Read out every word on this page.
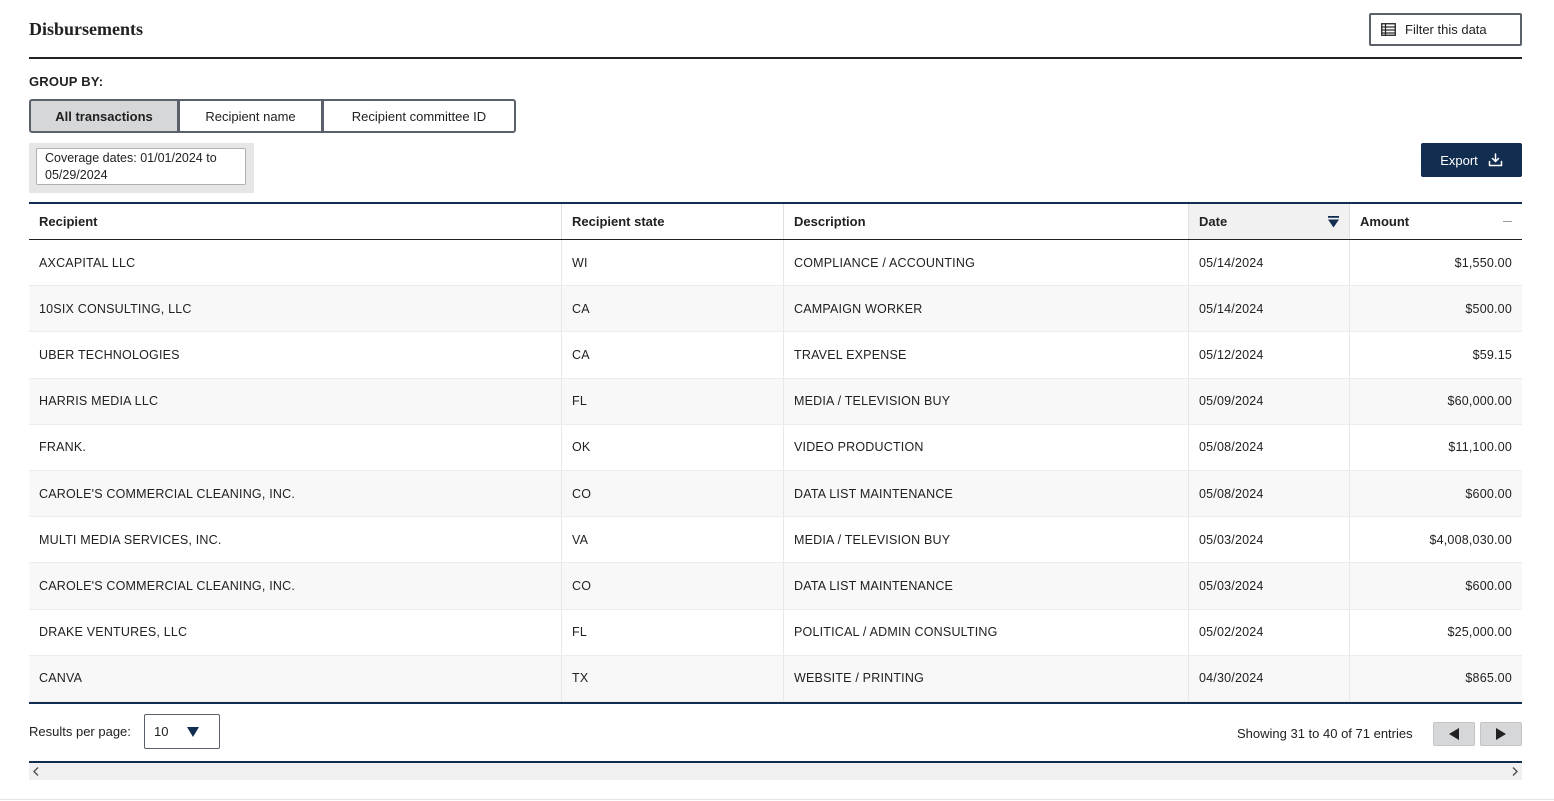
Disbursements	Filter this data
GROUP BY:
All transactions	Recipient name	Recipient committee ID
Coverage dates: 01/01/2024 to 05/29/2024
Export
Recipient	Recipient state	Description	Date	Amount
AXCAPITAL LLC	WI	COMPLIANCE / ACCOUNTING	05/14/2024	$1,550.00
10SIX CONSULTING, LLC	CA	CAMPAIGN WORKER	05/14/2024	$500.00
UBER TECHNOLOGIES	CA	TRAVEL EXPENSE	05/12/2024	$59.15
HARRIS MEDIA LLC	FL	MEDIA / TELEVISION BUY	05/09/2024	$60,000.00
FRANK.	OK	VIDEO PRODUCTION	05/08/2024	$11,100.00
CAROLE'S COMMERCIAL CLEANING, INC.	CO	DATA LIST MAINTENANCE	05/08/2024	$600.00
MULTI MEDIA SERVICES, INC.	VA	MEDIA / TELEVISION BUY	05/03/2024	$4,008,030.00
CAROLE'S COMMERCIAL CLEANING, INC.	CO	DATA LIST MAINTENANCE	05/03/2024	$600.00
DRAKE VENTURES, LLC	FL	POLITICAL / ADMIN CONSULTING	05/02/2024	$25,000.00
CANVA	TX	WEBSITE / PRINTING	04/30/2024	$865.00
Results per page: 10	Showing 31 to 40 of 71 entries
